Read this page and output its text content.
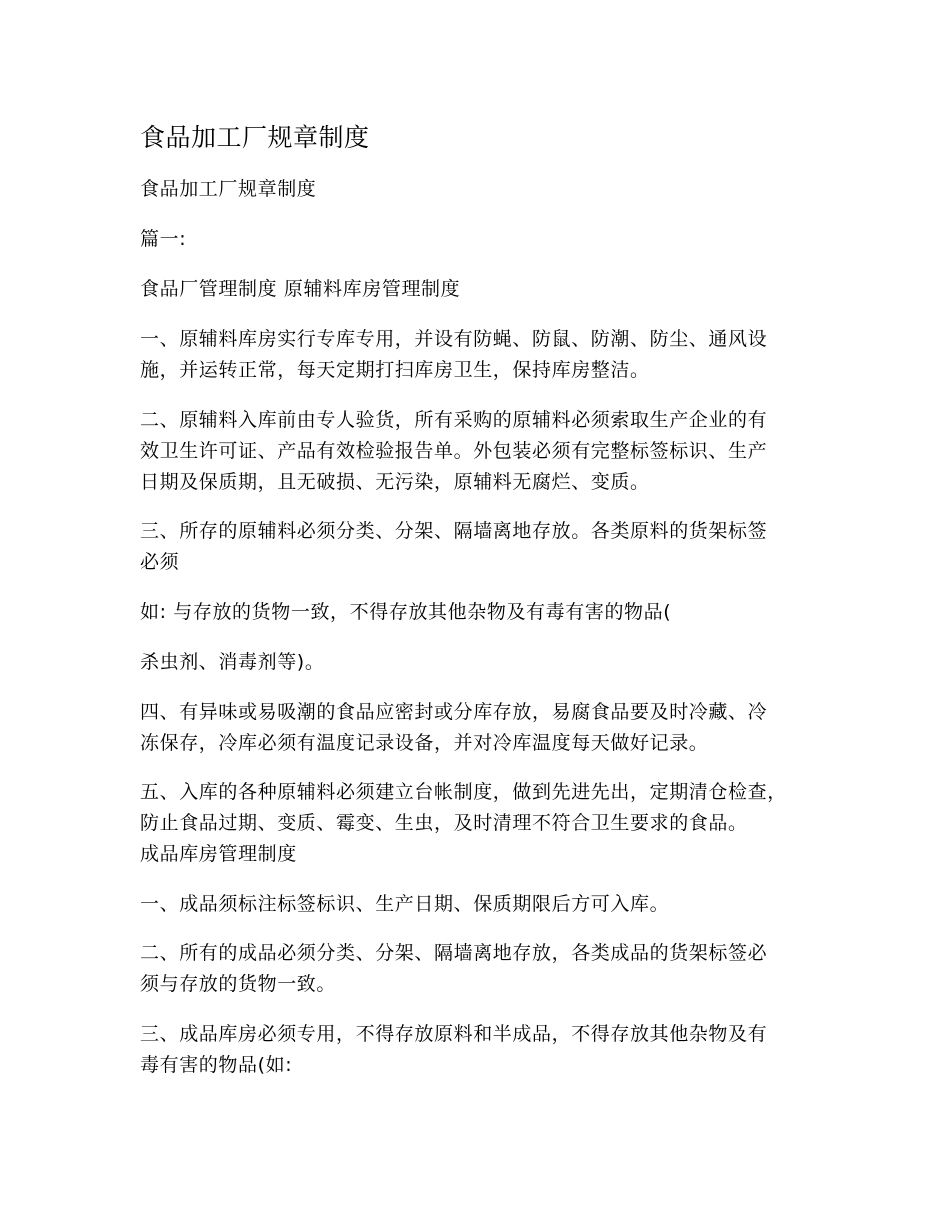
食品加工厂规章制度
食品加工厂规章制度
篇一:
食品厂管理制度 原辅料库房管理制度
一、原辅料库房实行专库专用，并设有防蝇、防鼠、防潮、防尘、通风设
施，并运转正常，每天定期打扫库房卫生，保持库房整洁。
二、原辅料入库前由专人验货，所有采购的原辅料必须索取生产企业的有
效卫生许可证、产品有效检验报告单。外包装必须有完整标签标识、生产
日期及保质期，且无破损、无污染，原辅料无腐烂、变质。
三、所存的原辅料必须分类、分架、隔墙离地存放。各类原料的货架标签
必须
如: 与存放的货物一致，不得存放其他杂物及有毒有害的物品(
杀虫剂、消毒剂等)。
四、有异味或易吸潮的食品应密封或分库存放，易腐食品要及时冷藏、冷
冻保存，冷库必须有温度记录设备，并对冷库温度每天做好记录。
五、入库的各种原辅料必须建立台帐制度，做到先进先出，定期清仓检查，
防止食品过期、变质、霉变、生虫，及时清理不符合卫生要求的食品。
成品库房管理制度
一、成品须标注标签标识、生产日期、保质期限后方可入库。
二、所有的成品必须分类、分架、隔墙离地存放，各类成品的货架标签必
须与存放的货物一致。
三、成品库房必须专用，不得存放原料和半成品，不得存放其他杂物及有
毒有害的物品(如:
